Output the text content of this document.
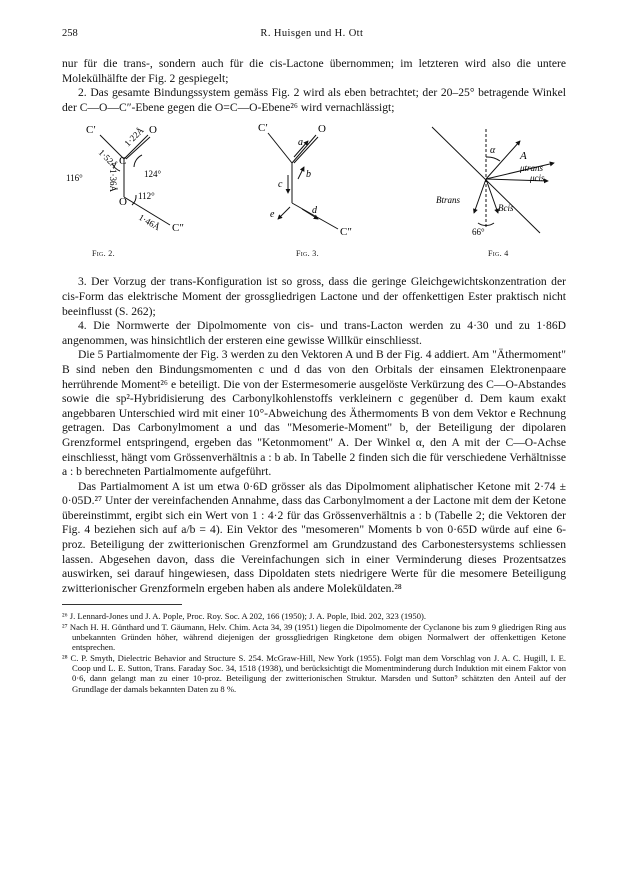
258	R. Huisgen und H. Ott

nur für die trans-, sondern auch für die cis-Lactone übernommen; im letzteren wird also die untere Molekülhälfte der Fig. 2 gespiegelt;

2. Das gesamte Bindungssystem gemäss Fig. 2 wird als eben betrachtet; der 20–25° betragende Winkel der C—O—C″-Ebene gegen die O=C—O-Ebene²⁶ wird vernachlässigt;

C′	O
C
O
C″
1·52Å
1·22Å
1·36Å
1·46Å
116°	124°
112°
Fig. 2.
C′	O
C″
a
b
c
d
e
Fig. 3.
α A
μtrans
μcis
Btrans
Bcis
66°
Fig. 4

3. Der Vorzug der trans-Konfiguration ist so gross, dass die geringe Gleichgewichtskonzentration der cis-Form das elektrische Moment der grossgliedrigen Lactone und der offenkettigen Ester praktisch nicht beeinflusst (S. 262);

4. Die Normwerte der Dipolmomente von cis- und trans-Lacton werden zu 4·30 und zu 1·86D angenommen, was hinsichtlich der ersteren eine gewisse Willkür einschliesst.

Die 5 Partialmomente der Fig. 3 werden zu den Vektoren A und B der Fig. 4 addiert. Am "Äthermoment" B sind neben den Bindungsmomenten c und d das von den Orbitals der einsamen Elektronenpaare herrührende Moment²⁶ e beteiligt. Die von der Estermesomerie ausgelöste Verkürzung des C—O-Abstandes sowie die sp²-Hybridisierung des Carbonylkohlenstoffs verkleinern c gegenüber d. Dem kaum exakt angebbaren Unterschied wird mit einer 10°-Abweichung des Äthermoments B von dem Vektor e Rechnung getragen. Das Carbonylmoment a und das "Mesomerie-Moment" b, der Beteiligung der dipolaren Grenzformel entspringend, ergeben das "Ketonmoment" A. Der Winkel α, den A mit der C—O-Achse einschliesst, hängt vom Grössenverhältnis a : b ab. In Tabelle 2 finden sich die für verschiedene Verhältnisse a : b berechneten Partialmomente aufgeführt.

Das Partialmoment A ist um etwa 0·6D grösser als das Dipolmoment aliphatischer Ketone mit 2·74 ± 0·05D.²⁷ Unter der vereinfachenden Annahme, dass das Carbonylmoment a der Lactone mit dem der Ketone übereinstimmt, ergibt sich ein Wert von 1 : 4·2 für das Grössenverhältnis a : b (Tabelle 2; die Vektoren der Fig. 4 beziehen sich auf a/b = 4). Ein Vektor des "mesomeren" Moments b von 0·65D würde auf eine 6-proz. Beteiligung der zwitterionischen Grenzformel am Grundzustand des Carbonestersystems schliessen lassen. Abgesehen davon, dass die Vereinfachungen sich in einer Verminderung dieses Prozentsatzes auswirken, sei darauf hingewiesen, dass Dipoldaten stets niedrigere Werte für die mesomere Beteiligung zwitterionischer Grenzformeln ergeben haben als andere Moleküldaten.²⁸

²⁶ J. Lennard-Jones und J. A. Pople, Proc. Roy. Soc. A 202, 166 (1950); J. A. Pople, Ibid. 202, 323 (1950).

²⁷ Nach H. H. Günthard und T. Gäumann, Helv. Chim. Acta 34, 39 (1951) liegen die Dipolmomente der Cyclanone bis zum 9 gliedrigen Ring aus unbekannten Gründen höher, während diejenigen der grossgliedrigen Ringketone dem obigen Normalwert der offenkettigen Ketone entsprechen.

²⁸ C. P. Smyth, Dielectric Behavior and Structure S. 254. McGraw-Hill, New York (1955). Folgt man dem Vorschlag von J. A. C. Hugill, I. E. Coop und L. E. Sutton, Trans. Faraday Soc. 34, 1518 (1938), und berücksichtigt die Momentminderung durch Induktion mit einem Faktor von 0·6, dann gelangt man zu einer 10-proz. Beteiligung der zwitterionischen Struktur. Marsden und Sutton⁹ schätzten den Anteil auf der Grundlage der damals bekannten Daten zu 8 %.
